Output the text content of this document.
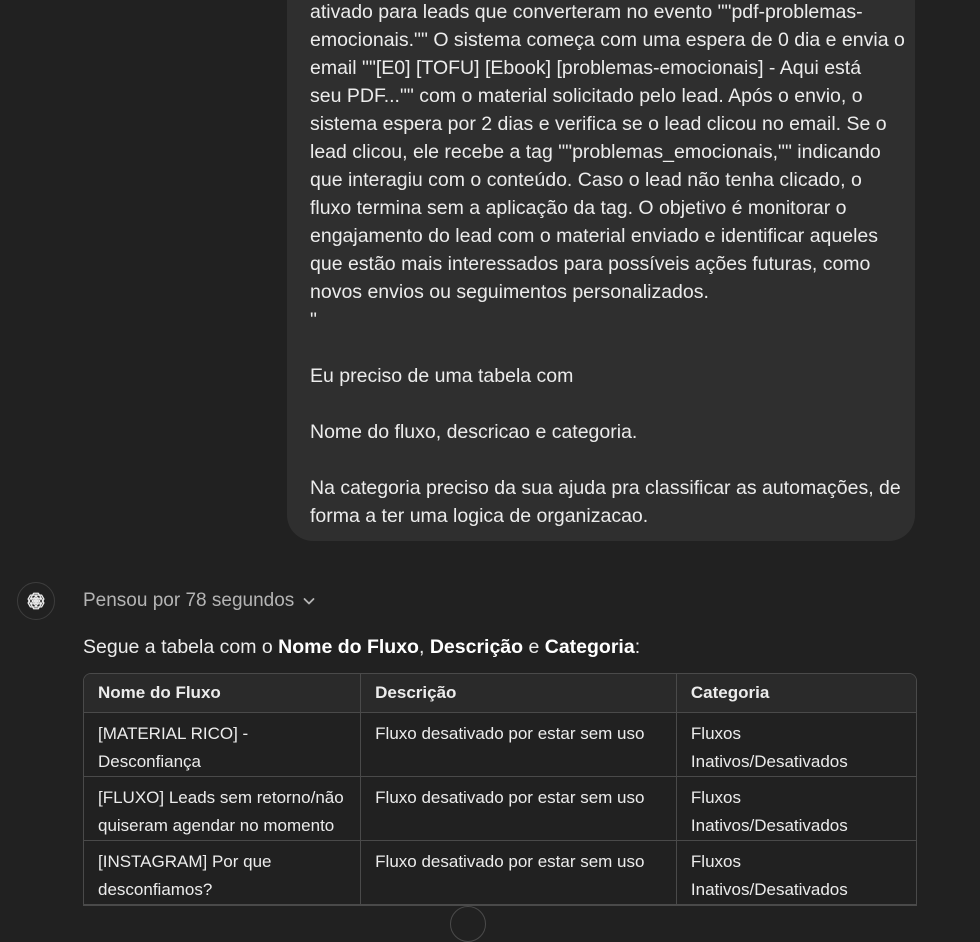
ativado para leads que converteram no evento ""pdf-problemas-
emocionais."" O sistema começa com uma espera de 0 dia e envia o
email ""[E0] [TOFU] [Ebook] [problemas-emocionais] - Aqui está
seu PDF..."" com o material solicitado pelo lead. Após o envio, o
sistema espera por 2 dias e verifica se o lead clicou no email. Se o
lead clicou, ele recebe a tag ""problemas_emocionais,"" indicando
que interagiu com o conteúdo. Caso o lead não tenha clicado, o
fluxo termina sem a aplicação da tag. O objetivo é monitorar o
engajamento do lead com o material enviado e identificar aqueles
que estão mais interessados para possíveis ações futuras, como
novos envios ou seguimentos personalizados.
"
Eu preciso de uma tabela com
Nome do fluxo, descricao e categoria.
Na categoria preciso da sua ajuda pra classificar as automações, de
forma a ter uma logica de organizacao.
Pensou por 78 segundos
Segue a tabela com o Nome do Fluxo, Descrição e Categoria:
Nome do Fluxo	Descrição	Categoria
[MATERIAL RICO] - Desconfiança	Fluxo desativado por estar sem uso	Fluxos Inativos/Desativados
[FLUXO] Leads sem retorno/não quiseram agendar no momento	Fluxo desativado por estar sem uso	Fluxos Inativos/Desativados
[INSTAGRAM] Por que desconfiamos?	Fluxo desativado por estar sem uso	Fluxos Inativos/Desativados
